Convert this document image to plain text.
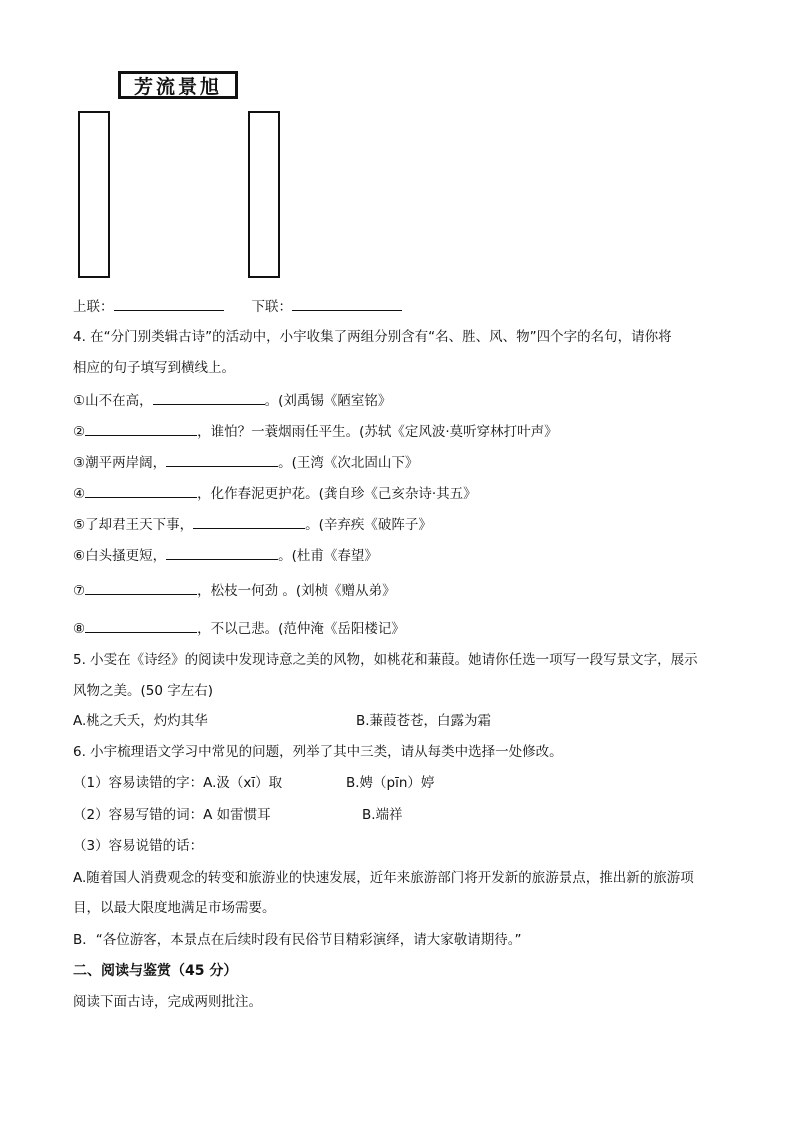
芳流景旭
上联：	下联：
4. 在“分门别类辑古诗”的活动中，小宇收集了两组分别含有“名、胜、风、物”四个字的名句，请你将
相应的句子填写到横线上。
①山不在高，	。(刘禹锡《陋室铭》
②	，谁怕？一蓑烟雨任平生。(苏轼《定风波·莫听穿林打叶声》
③潮平两岸阔，	。(王湾《次北固山下》
④	，化作春泥更护花。(龚自珍《己亥杂诗·其五》
⑤了却君王天下事，	。(辛弃疾《破阵子》
⑥白头搔更短，	。(杜甫《春望》
⑦	，松枝一何劲 。(刘桢《赠从弟》
⑧	，不以己悲。(范仲淹《岳阳楼记》
5. 小雯在《诗经》的阅读中发现诗意之美的风物，如桃花和蒹葭。她请你任选一项写一段写景文字，展示
风物之美。(50 字左右)
A.桃之夭夭，灼灼其华	B.蒹葭苍苍，白露为霜
6. 小宇梳理语文学习中常见的问题，列举了其中三类，请从每类中选择一处修改。
（1）容易读错的字：A.汲（xī）取	B.娉（pīn）婷
（2）容易写错的词：A 如雷惯耳	B.端祥
（3）容易说错的话：
A.随着国人消费观念的转变和旅游业的快速发展，近年来旅游部门将开发新的旅游景点，推出新的旅游项
目，以最大限度地满足市场需要。
B．“各位游客，本景点在后续时段有民俗节目精彩演绎，请大家敬请期待。”
二、阅读与鉴赏（45 分）
阅读下面古诗，完成两则批注。
